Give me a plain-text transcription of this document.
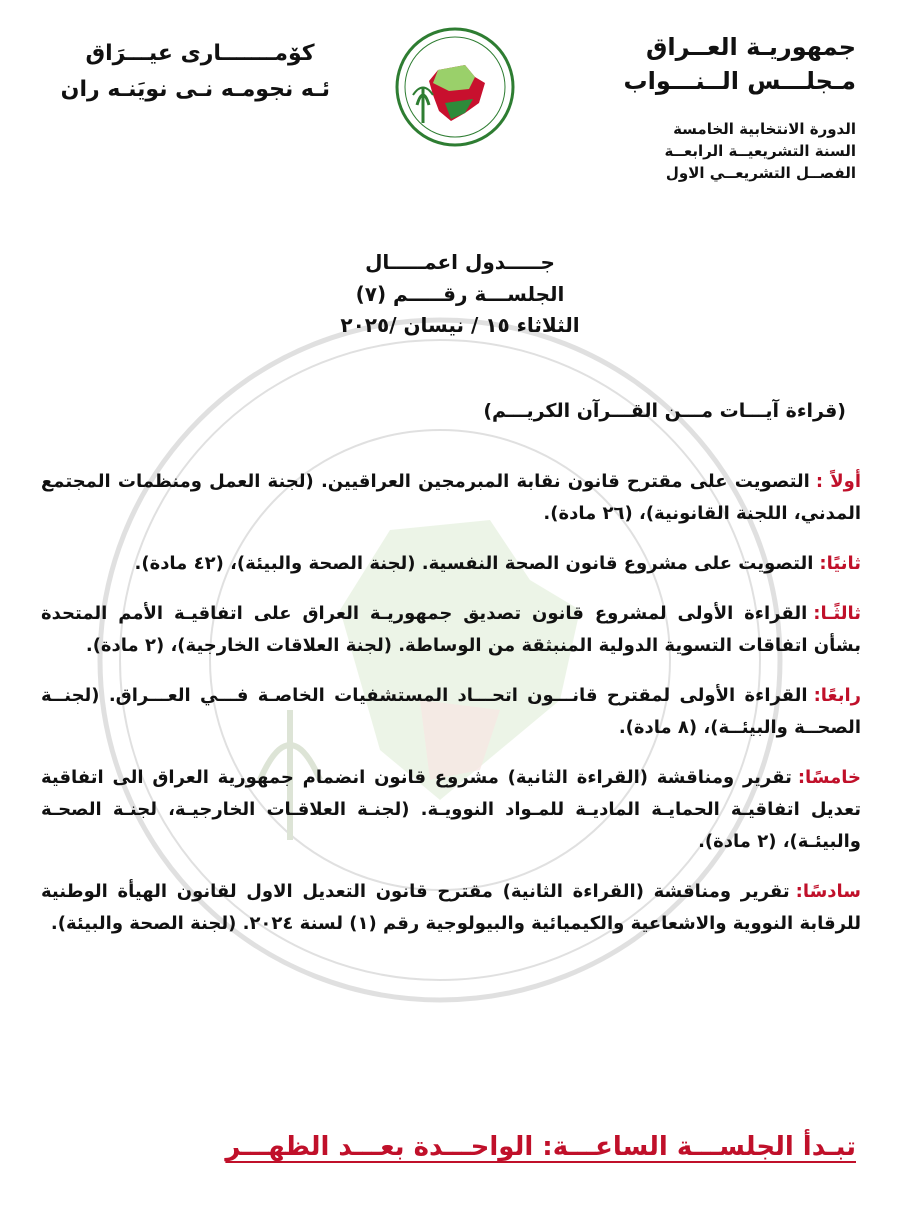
جمهوريـة العــراق
مـجلـــس الــنـــواب
الدورة الانتخابية الخامسة
السنة التشريعيــة الرابعــة
الفصــل التشريعــي الاول
كۆمـــــــارى عيـــرَاق
ئـه نجومـه نـى نويَنـه ران
جـــــدول اعمـــــال
الجلســـة رقـــــم (٧)
الثلاثاء ١٥ / نيسان /٢٠٢٥
(قراءة آيـــات مـــن القـــرآن الكريـــم)
أولاً :التصويت على مقترح قانون نقابة المبرمجين العراقيين. (لجنة العمل ومنظمات المجتمع المدني، اللجنة القانونية)، (٢٦ مادة).
ثانيًا:التصويت على مشروع قانون الصحة النفسية. (لجنة الصحة والبيئة)، (٤٢ مادة).
ثالثًـا:القراءة الأولى لمشروع قانون تصديق جمهوريـة العراق على اتفاقيـة الأمم المتحدة بشأن اتفاقات التسوية الدولية المنبثقة من الوساطة. (لجنة العلاقات الخارجية)، (٢ مادة).
رابعًا:القراءة الأولى لمقترح قانـــون اتحـــاد المستشفيات الخاصـة فـــي العـــراق. (لجنــة الصحــة والبيئــة)، (٨ مادة).
خامسًا:تقرير ومناقشة (القراءة الثانية) مشروع قانون انضمام جمهورية العراق الى اتفاقية تعديل اتفاقيـة الحمايـة الماديـة للمـواد النوويـة. (لجنـة العلاقـات الخارجيـة، لجنـة الصحـة والبيئـة)، (٢ مادة).
سادسًا:تقرير ومناقشة (القراءة الثانية) مقترح قانون التعديل الاول لقانون الهيأة الوطنية للرقابة النووية والاشعاعية والكيميائية والبيولوجية رقم (١) لسنة ٢٠٢٤. (لجنة الصحة والبيئة).
تبـدأ الجلســـة الساعـــة: الواحـــدة بعـــد الظهـــر
